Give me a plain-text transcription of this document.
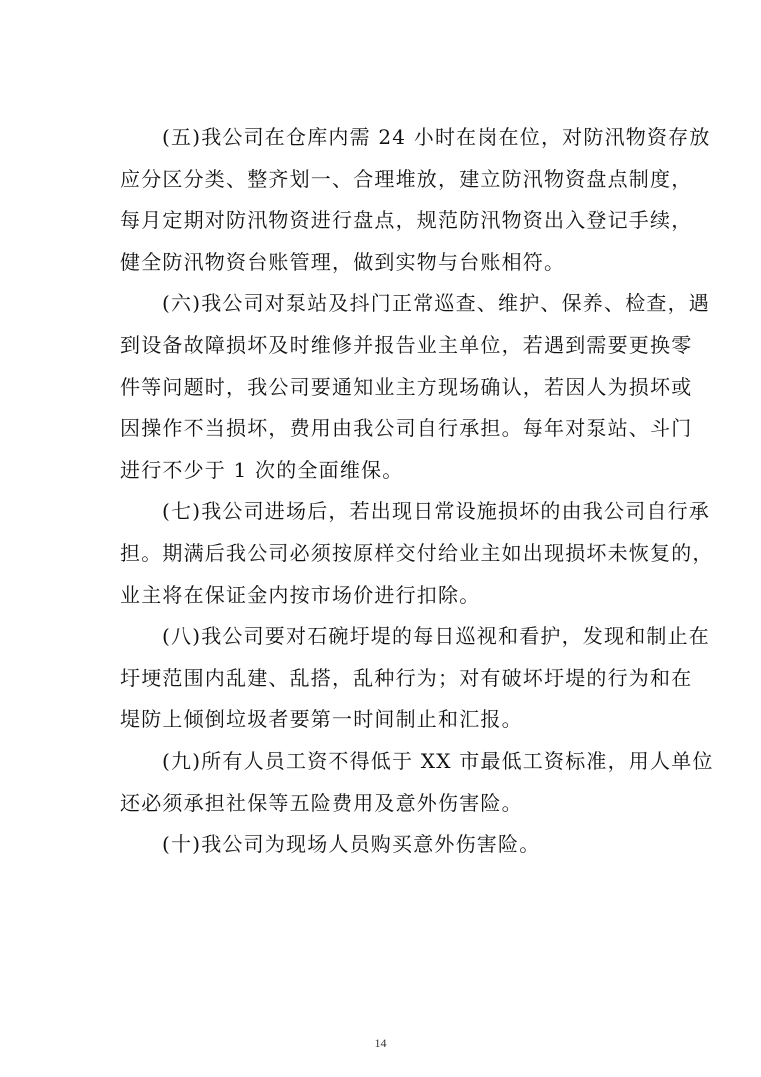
(五)我公司在仓库内需 24 小时在岗在位，对防汛物资存放
应分区分类、整齐划一、合理堆放，建立防汛物资盘点制度，
每月定期对防汛物资进行盘点，规范防汛物资出入登记手续，
健全防汛物资台账管理，做到实物与台账相符。

(六)我公司对泵站及抖门正常巡查、维护、保养、检查，遇
到设备故障损坏及时维修并报告业主单位，若遇到需要更换零
件等问题时，我公司要通知业主方现场确认，若因人为损坏或
因操作不当损坏，费用由我公司自行承担。每年对泵站、斗门
进行不少于 1 次的全面维保。

(七)我公司进场后，若出现日常设施损坏的由我公司自行承
担。期满后我公司必须按原样交付给业主如出现损坏未恢复的，
业主将在保证金内按市场价进行扣除。

(八)我公司要对石碗圩堤的每日巡视和看护，发现和制止在
圩埂范围内乱建、乱搭，乱种行为；对有破坏圩堤的行为和在
堤防上倾倒垃圾者要第一时间制止和汇报。

(九)所有人员工资不得低于 XX 市最低工资标准，用人单位
还必须承担社保等五险费用及意外伤害险。

(十)我公司为现场人员购买意外伤害险。

14
